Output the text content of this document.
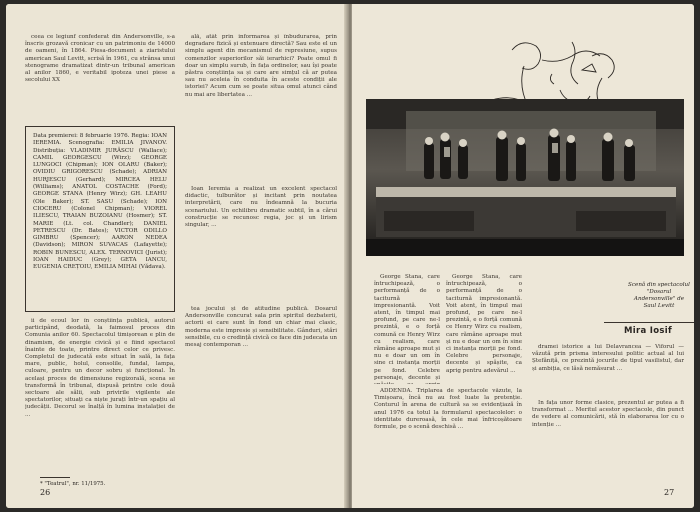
ceea ce legiunf confederat din Andersonville, s-a înscris grozavă cronicar cu un patrimoniu de 14000 de oameni, în 1864. Piesa-document a ziaristului american Saul Levitt, scrisă în 1961, cu strânsa unui stenograme dramatizat dintr-un tribunal american al anilor 1860, e veritabil ipoteza unei piese a secolului XX

Data premierei: 8 februarie 1976. Regia: IOAN IEREMIA. Scenografia: EMILIA JIVANOV. Distribuția: VLADIMIR JURĂSCU (Wallace); CAMIL GEORGESCU (Wirz); GEORGE LUNGOCI (Chipman); ION OLARU (Baker); OVIDIU GRIGORESCU (Schade); ADRIAN HURJESCU (Gerhard); MIRCEA HELU (Williams); ANATOL COSTACHE (Ford); GEORGE STANA (Henry Wirz); GH. LEAHU (Ole Baker); ST. SASU (Schade); ION CIOCERU (Colonel Chipman); VIOREL ILIESCU, TRAIAN BUZOIANU (Hosmer); ST. MARIE (Lt. col. Chandler); DANIEL PETRESCU (Dr. Bates); VICTOR ODILLO GIMBRU (Spencer); AARON NEDEA (Davidson); MIRON SUVACAS (Lafayette); ROBIN BUNESCU, ALEX. TERNOVICI (Jurist); IOAN HAIDUC (Grey); GETA IANCU, EUGENIA CREȚOIU, EMILIA MIHAI (Vădava).

ii de ecoul lor în conștiința publică, autorul participând, deodată, la faimosul proces din Comunia anilor 60. Spectacolul timișorean e plin de dinamism, de energie civică și e fiind spectacol înainte de toate, printre direct celor ce privesc. Completul de judecată este situat în sală, la fața mare, public, holul, consolile, fundal, lampa, culoare, pentru un decor sobru și funcțional. În același proces de dimensiune regizorală, scena se transformă în tribunal, dispusă printre cele două sectoare ale sălii, sub privirile vigilente ale spectatorilor, situați ca niște jurați într-un spațiu al judecății. Decorul se înalță în lumina instalației de ...

ală, atât prin informarea și înbudurarea, prin degradare fizică și extenuare directă? Sau este el un simplu agent din mecanismul de represiune, supus comenzilor superiorilor săi ierarhici? Poate omul fi doar un simplu surub, în fața ordinelor, sau își poate păstra conștiința sa și care are simțul că ar putea sau nu aceleia în conduita în aceste condiții ale istoriei? Acum cum se poate situa omul atunci când nu mai are libertatea ...

Ioan Ieremia a realizat un excelent spectacol didactic, tulburător și incitant prin noutatea interpretării, care nu îndeamnă la bucuria scenariului. Un echilibru dramatic subtil, în a cărui construcție se recunosc regia, joc și un lirism singular, ...

tea jocului și de atitudine publică. Dosarul Andersonville concurat sala prin spiritul dezbaterii, actorii ei care sunt în fond un chiar mai clasic, moderna este impresie și sensibilitate. Gânduri, stări sensibile, cu o credință civică ce face din judecata un mesaj contemporan ...

* "Teatrul", nr. 11/1975.
26

George Stana, care întruchipează, o performanță de o taciturnă impresionantă. Voit atent, în timpul mai profund, pe care ne-l prezintă, e o forță comună ce Henry Wirz cu realism, care rămâne aproape mut și nu e doar un om în sine ci instanța morții pe fond. Celebre personaje, decente și spășite, ca aprig pentru adevărul ...

George Stana, care întruchipează, o performanță de o taciturnă impresionantă. Voit atent, în timpul mai profund, pe care ne-l prezintă, e o forță comună ce Henry Wirz cu realism, care rămâne aproape mut și nu e doar un om în sine ci instanța morții pe fond. Celebre personaje, decente și

ADDENDA. Triplarea de spectacole văzute, la Timișoara, încă nu au fost luate la pretenție. Conturul în arena de cultură sa se evidențiază în anul 1976 ca totul la formularul spectacolelor: o identitate dureroasă, în cele mai înfricoșătoare formule, pe o scenă deschisă ...

Scenă din spectacolul "Dosarul Andersonville" de Saul Levitt
Mira Iosif

dramei istorice a lui Delavrancea — Viforul — văzută prin prisma interesului politic actual al lui Ștefăniță, ce prezintă jocurile de tipul vasilistul, dar și ambiția, ce lăsă nemăsurat ...

În fața unor forme clasice, prezentul ar putea a fi transformat ... Meritul acestor spectacole, din punct de vedere al comunicării, stă în elaborarea lor cu o intenție ...

27
